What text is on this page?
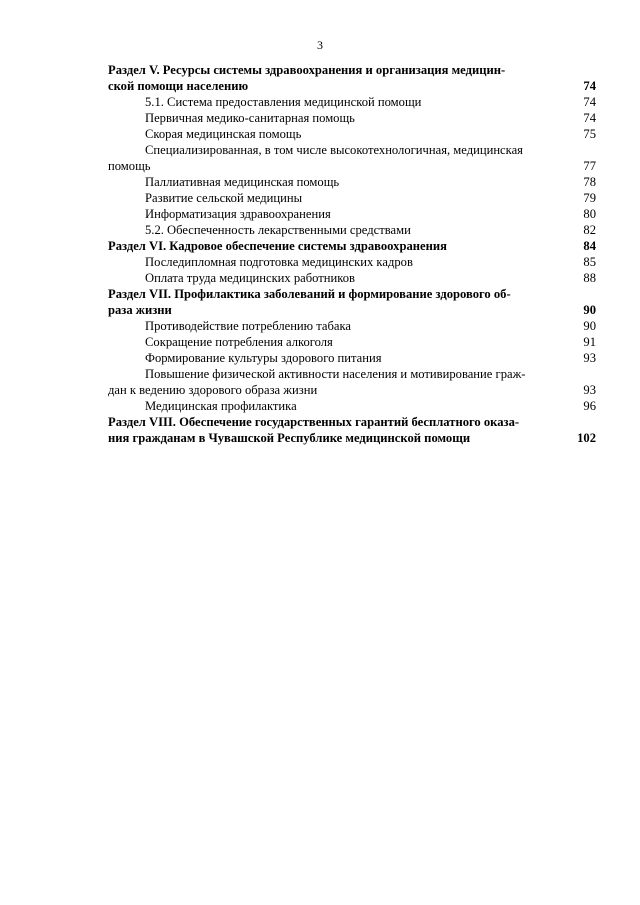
3
Раздел V. Ресурсы системы здравоохранения и организация медицин-
ской помощи населению	74
5.1. Система предоставления медицинской помощи	74
Первичная медико-санитарная помощь	74
Скорая медицинская помощь	75
Специализированная, в том числе высокотехнологичная, медицинская
помощь	77
Паллиативная медицинская помощь	78
Развитие сельской медицины	79
Информатизация здравоохранения	80
5.2. Обеспеченность лекарственными средствами	82
Раздел VI. Кадровое обеспечение системы здравоохранения	84
Последипломная подготовка медицинских кадров	85
Оплата труда медицинских работников	88
Раздел VII. Профилактика заболеваний и формирование здорового об-
раза жизни	90
Противодействие потреблению табака	90
Сокращение потребления алкоголя	91
Формирование культуры здорового питания	93
Повышение физической активности населения и мотивирование граж-
дан к ведению здорового образа жизни	93
Медицинская профилактика	96
Раздел VIII. Обеспечение государственных гарантий бесплатного оказа-
ния гражданам в Чувашской Республике медицинской помощи	102
